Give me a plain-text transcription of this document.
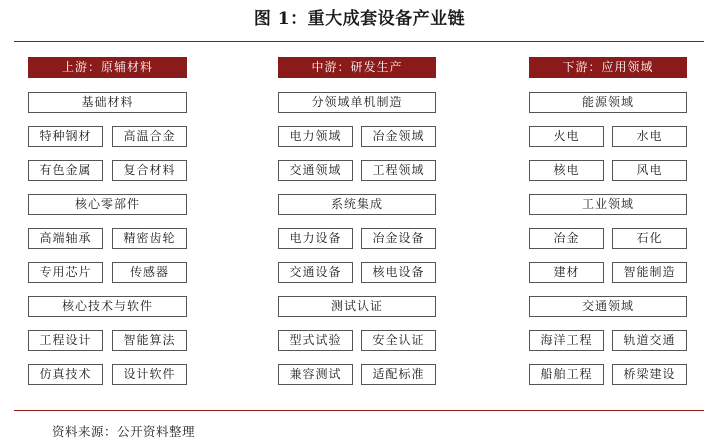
图 1：重大成套设备产业链
上游：原辅材料
基础材料
特种钢材	高温合金
有色金属	复合材料
核心零部件
高端轴承	精密齿轮
专用芯片	传感器
核心技术与软件
工程设计	智能算法
仿真技术	设计软件
中游：研发生产
分领域单机制造
电力领域	冶金领域
交通领域	工程领域
系统集成
电力设备	冶金设备
交通设备	核电设备
测试认证
型式试验	安全认证
兼容测试	适配标准
下游：应用领域
能源领域
火电	水电
核电	风电
工业领域
冶金	石化
建材	智能制造
交通领域
海洋工程	轨道交通
船舶工程	桥梁建设
资料来源：公开资料整理
